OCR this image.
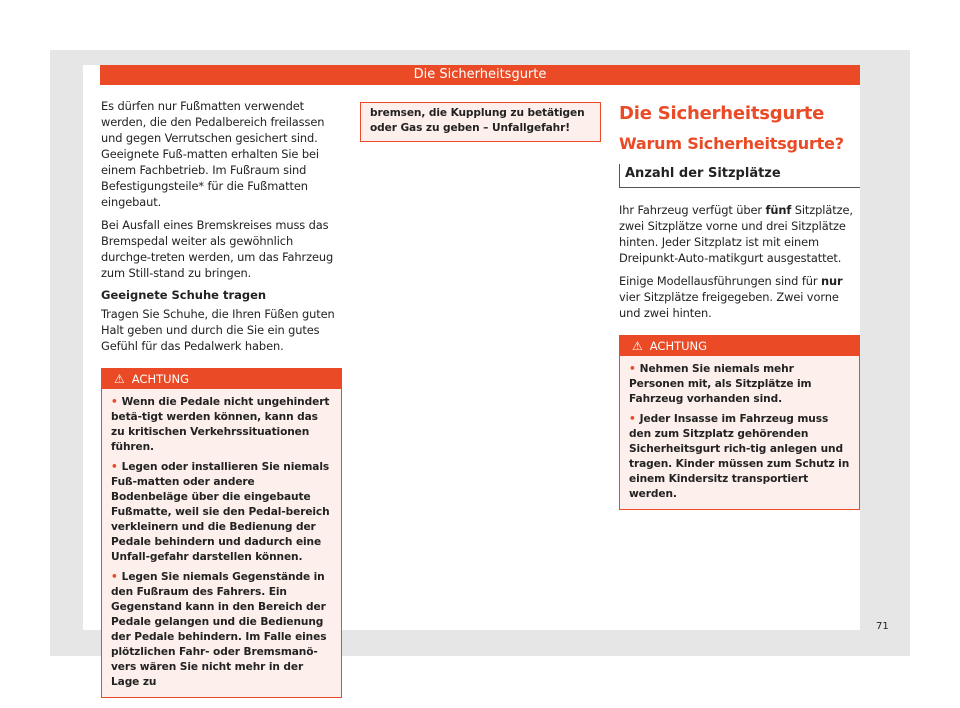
Die Sicherheitsgurte

Es dürfen nur Fußmatten verwendet werden, die den Pedalbereich freilassen und gegen Verrutschen gesichert sind. Geeignete Fuß-matten erhalten Sie bei einem Fachbetrieb. Im Fußraum sind Befestigungsteile* für die Fußmatten eingebaut.

Bei Ausfall eines Bremskreises muss das Bremspedal weiter als gewöhnlich durchge-treten werden, um das Fahrzeug zum Still-stand zu bringen.

Geeignete Schuhe tragen

Tragen Sie Schuhe, die Ihren Füßen guten Halt geben und durch die Sie ein gutes Gefühl für das Pedalwerk haben.

⚠ ACHTUNG
• Wenn die Pedale nicht ungehindert betä-tigt werden können, kann das zu kritischen Verkehrssituationen führen.
• Legen oder installieren Sie niemals Fuß-matten oder andere Bodenbeläge über die eingebaute Fußmatte, weil sie den Pedal-bereich verkleinern und die Bedienung der Pedale behindern und dadurch eine Unfall-gefahr darstellen können.
• Legen Sie niemals Gegenstände in den Fußraum des Fahrers. Ein Gegenstand kann in den Bereich der Pedale gelangen und die Bedienung der Pedale behindern. Im Falle eines plötzlichen Fahr- oder Bremsmanö-vers wären Sie nicht mehr in der Lage zu
bremsen, die Kupplung zu betätigen oder Gas zu geben – Unfallgefahr!
Die Sicherheitsgurte
Warum Sicherheitsgurte?
Anzahl der Sitzplätze

Ihr Fahrzeug verfügt über fünf Sitzplätze, zwei Sitzplätze vorne und drei Sitzplätze hinten. Jeder Sitzplatz ist mit einem Dreipunkt-Auto-matikgurt ausgestattet.

Einige Modellausführungen sind für nur vier Sitzplätze freigegeben. Zwei vorne und zwei hinten.

⚠ ACHTUNG
• Nehmen Sie niemals mehr Personen mit, als Sitzplätze im Fahrzeug vorhanden sind.
• Jeder Insasse im Fahrzeug muss den zum Sitzplatz gehörenden Sicherheitsgurt rich-tig anlegen und tragen. Kinder müssen zum Schutz in einem Kindersitz transportiert werden.
71
